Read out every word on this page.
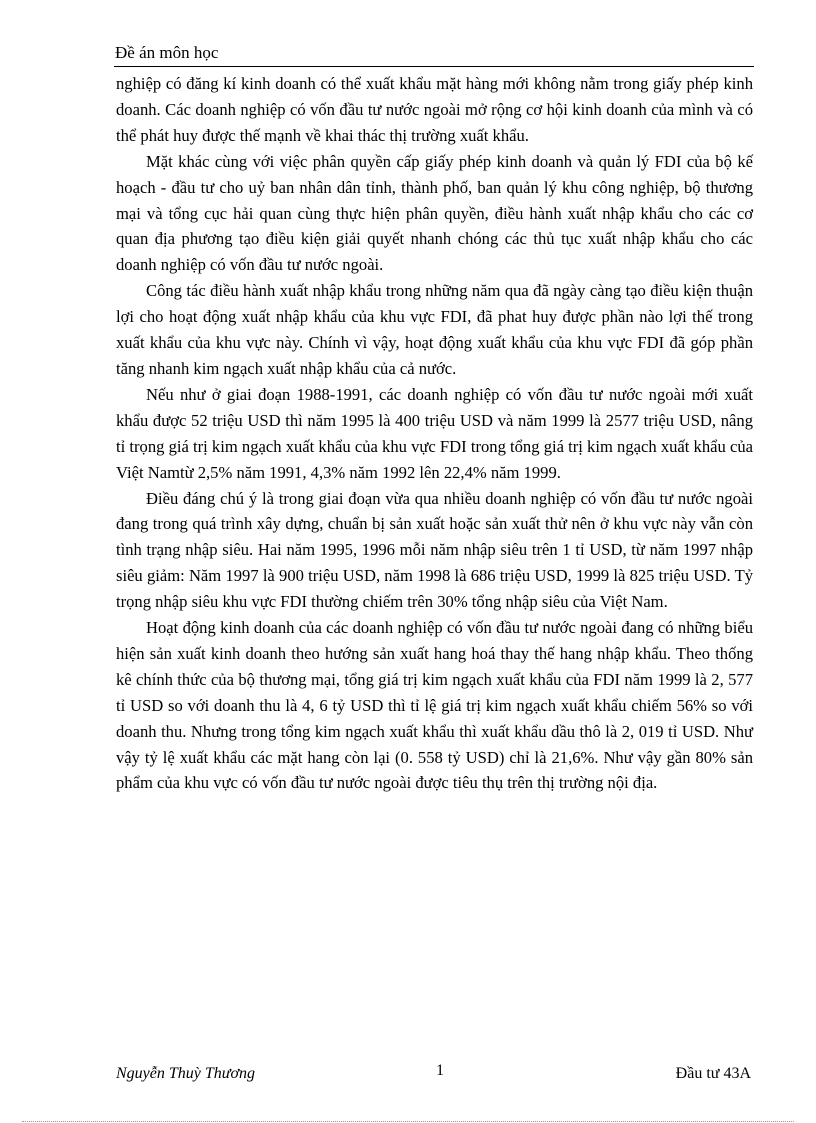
Đề án môn học

nghiệp có đăng kí kinh doanh có thể xuất khẩu mặt hàng mới không nằm trong giấy phép kinh doanh. Các doanh nghiệp có vốn đầu tư nước ngoài mở rộng cơ hội kinh doanh của mình và có thể phát huy được thế mạnh về khai thác thị trường xuất khẩu.

Mặt khác cùng với việc phân quyền cấp giấy phép kinh doanh và quản lý FDI của bộ kế hoạch - đầu tư cho uỷ ban nhân dân tỉnh, thành phố, ban quản lý khu công nghiệp, bộ thương mại và tổng cục hải quan cùng thực hiện phân quyền, điều hành xuất nhập khẩu cho các cơ quan địa phương tạo điều kiện giải quyết nhanh chóng các thủ tục xuất nhập khẩu cho các doanh nghiệp có vốn đầu tư nước ngoài.

Công tác điều hành xuất nhập khẩu trong những năm qua đã ngày càng tạo điều kiện thuận lợi cho hoạt động xuất nhập khẩu của khu vực FDI, đã phat huy được phần nào lợi thế trong xuất khẩu của khu vực này. Chính vì vậy, hoạt động xuất khẩu của khu vực FDI đã góp phần tăng nhanh kim ngạch xuất nhập khẩu của cả nước.

Nếu như ở giai đoạn 1988-1991, các doanh nghiệp có vốn đầu tư nước ngoài mới xuất khẩu được 52 triệu USD thì năm 1995 là 400 triệu USD và năm 1999 là 2577 triệu USD, nâng tỉ trọng giá trị kim ngạch xuất khẩu của khu vực FDI trong tổng giá trị kim ngạch xuất khẩu của Việt Namtừ 2,5% năm 1991, 4,3% năm 1992 lên 22,4% năm 1999.

Điều đáng chú ý là trong giai đoạn vừa qua nhiều doanh nghiệp có vốn đầu tư nước ngoài đang trong quá trình xây dựng, chuẩn bị sản xuất hoặc sản xuất thử nên ở khu vực này vẫn còn tình trạng nhập siêu. Hai năm 1995, 1996 mỗi năm nhập siêu trên 1 tỉ USD, từ năm 1997 nhập siêu giảm: Năm 1997 là 900 triệu USD, năm 1998 là 686 triệu USD, 1999 là 825 triệu USD. Tỷ trọng nhập siêu khu vực FDI thường chiếm trên 30% tổng nhập siêu của Việt Nam.

Hoạt động kinh doanh của các doanh nghiệp có vốn đầu tư nước ngoài đang có những biểu hiện sản xuất kinh doanh theo hướng sản xuất hang hoá thay thế hang nhập khẩu. Theo thống kê chính thức của bộ thương mại, tổng giá trị kim ngạch xuất khẩu của FDI năm 1999 là 2, 577 tỉ USD so với doanh thu là 4, 6 tỷ USD thì tỉ lệ giá trị kim ngạch xuất khẩu chiếm 56% so với doanh thu. Nhưng trong tổng kim ngạch xuất khẩu thì xuất khẩu dầu thô là 2, 019 tỉ USD. Như vậy tỷ lệ xuất khẩu các mặt hang còn lại (0. 558 tỷ USD) chỉ là 21,6%. Như vậy gần 80% sản phẩm của khu vực có vốn đầu tư nước ngoài được tiêu thụ trên thị trường nội địa.

Nguyễn Thuỳ Thương	1	Đầu tư 43A
